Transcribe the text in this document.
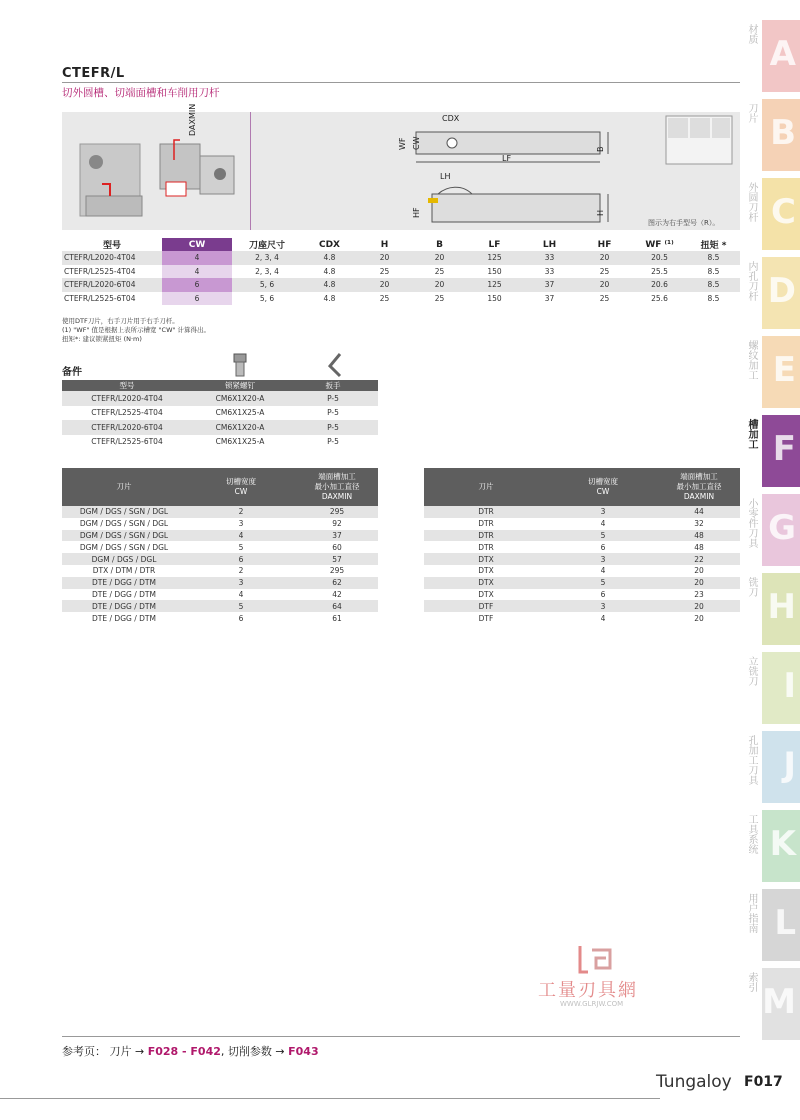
CTEFR/L
切外圆槽、切端面槽和车削用刀杆
DAXMIN	CDX
WF CW	B
LF
LH
HF	H
图示为右手型号（R）。
型号	CW	刀座尺寸	CDX	H	B	LF	LH	HF	WF ⁽¹⁾	扭矩 *
CTEFR/L2020-4T04	4	2, 3, 4	4.8	20	20	125	33	20	20.5	8.5
CTEFR/L2525-4T04	4	2, 3, 4	4.8	25	25	150	33	25	25.5	8.5
CTEFR/L2020-6T04	6	5, 6	4.8	20	20	125	37	20	20.6	8.5
CTEFR/L2525-6T04	6	5, 6	4.8	25	25	150	37	25	25.6	8.5
使用DTF刀片，右手刀片用于右手刀杆。
(1) "WF" 值是根据上表所示槽宽 "CW" 计算得出。
扭矩*: 建议锁紧扭矩 (N·m)
备件
型号	锁紧螺钉	扳手
CTEFR/L2020-4T04	CM6X1X20-A	P-5
CTEFR/L2525-4T04	CM6X1X25-A	P-5
CTEFR/L2020-6T04	CM6X1X20-A	P-5
CTEFR/L2525-6T04	CM6X1X25-A	P-5
刀片	切槽宽度
CW	端面槽加工
最小加工直径
DAXMIN
DGM / DGS / SGN / DGL	2	295
DGM / DGS / SGN / DGL	3	92
DGM / DGS / SGN / DGL	4	37
DGM / DGS / SGN / DGL	5	60
DGM / DGS / DGL	6	57
DTX / DTM / DTR	2	295
DTE / DGG / DTM	3	62
DTE / DGG / DTM	4	42
DTE / DGG / DTM	5	64
DTE / DGG / DTM	6	61
刀片	切槽宽度
CW	端面槽加工
最小加工直径
DAXMIN
DTR	3	44
DTR	4	32
DTR	5	48
DTR	6	48
DTX	3	22
DTX	4	20
DTX	5	20
DTX	6	23
DTF	3	20
DTF	4	20
A
材质
B
刀片
C
外圆刀杆
D
内孔刀杆
E
螺纹加工
F
槽加工
G
小零件刀具
H
铣刀
I
立铣刀
J
孔加工刀具
K
工具系统
L
用户指南
M
索引
工量刃具網
WWW.GLRJW.COM
参考页： 刀片 → F028 - F042, 切削参数 → F043
Tungaloy F017
